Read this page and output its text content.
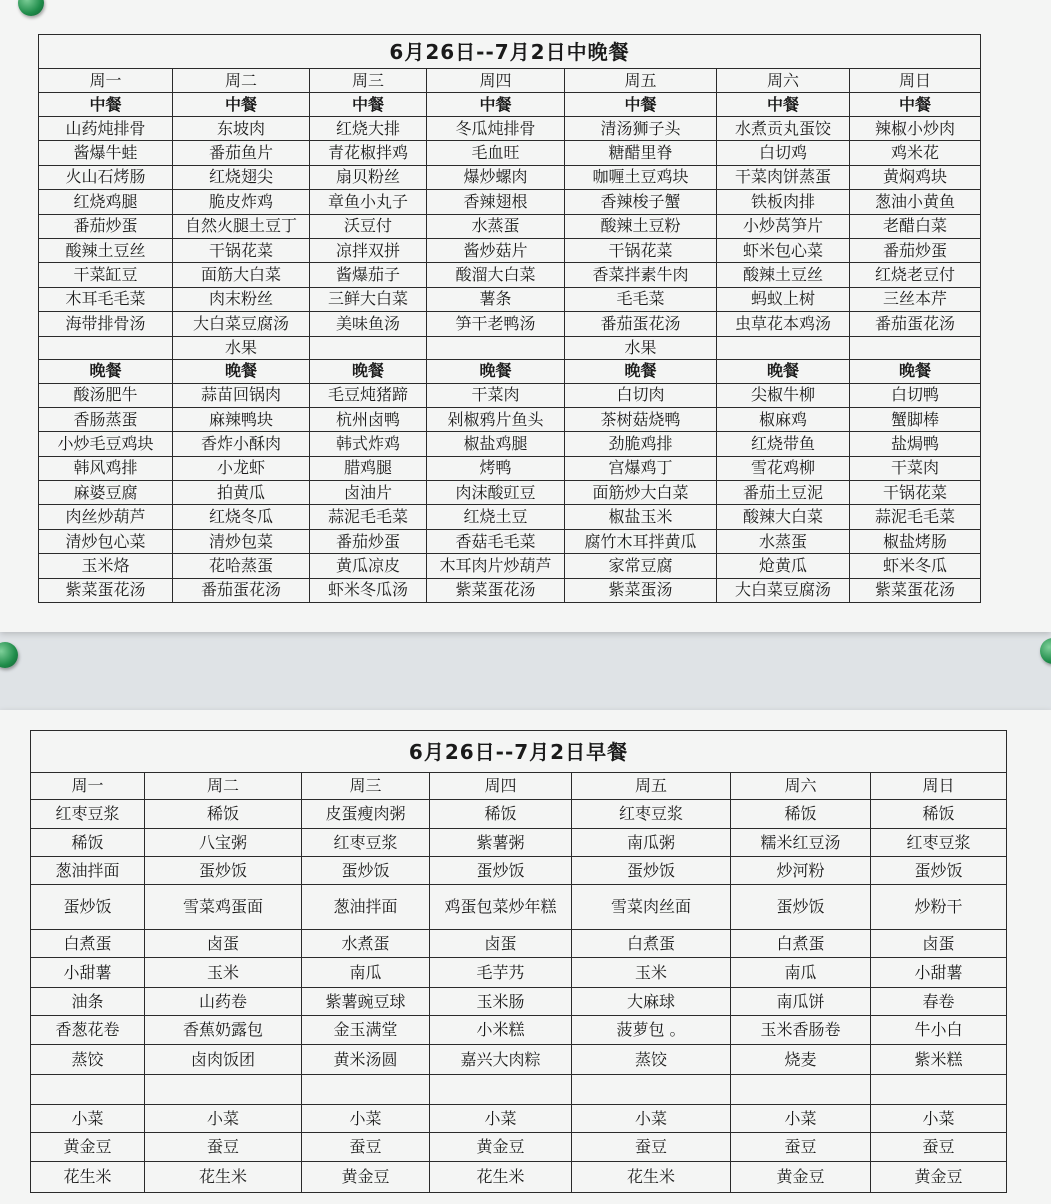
6月26日--7月2日中晚餐						
周一	周二	周三	周四	周五	周六	周日
中餐	中餐	中餐	中餐	中餐	中餐	中餐
山药炖排骨	东坡肉	红烧大排	冬瓜炖排骨	清汤狮子头	水煮贡丸蛋饺	辣椒小炒肉
酱爆牛蛙	番茄鱼片	青花椒拌鸡	毛血旺	糖醋里脊	白切鸡	鸡米花
火山石烤肠	红烧翅尖	扇贝粉丝	爆炒螺肉	咖喱土豆鸡块	干菜肉饼蒸蛋	黄焖鸡块
红烧鸡腿	脆皮炸鸡	章鱼小丸子	香辣翅根	香辣梭子蟹	铁板肉排	葱油小黄鱼
番茄炒蛋	自然火腿土豆丁	沃豆付	水蒸蛋	酸辣土豆粉	小炒莴笋片	老醋白菜
酸辣土豆丝	干锅花菜	凉拌双拼	酱炒菇片	干锅花菜	虾米包心菜	番茄炒蛋
干菜缸豆	面筋大白菜	酱爆茄子	酸溜大白菜	香菜拌素牛肉	酸辣土豆丝	红烧老豆付
木耳毛毛菜	肉末粉丝	三鲜大白菜	薯条	毛毛菜	蚂蚁上树	三丝本芹
海带排骨汤	大白菜豆腐汤	美味鱼汤	笋干老鸭汤	番茄蛋花汤	虫草花本鸡汤	番茄蛋花汤
	水果			水果		
晚餐	晚餐	晚餐	晚餐	晚餐	晚餐	晚餐
酸汤肥牛	蒜苗回锅肉	毛豆炖猪蹄	干菜肉	白切肉	尖椒牛柳	白切鸭
香肠蒸蛋	麻辣鸭块	杭州卤鸭	剁椒鸦片鱼头	茶树菇烧鸭	椒麻鸡	蟹脚棒
小炒毛豆鸡块	香炸小酥肉	韩式炸鸡	椒盐鸡腿	劲脆鸡排	红烧带鱼	盐焗鸭
韩风鸡排	小龙虾	腊鸡腿	烤鸭	宫爆鸡丁	雪花鸡柳	干菜肉
麻婆豆腐	拍黄瓜	卤油片	肉沫酸豇豆	面筋炒大白菜	番茄土豆泥	干锅花菜
肉丝炒葫芦	红烧冬瓜	蒜泥毛毛菜	红烧土豆	椒盐玉米	酸辣大白菜	蒜泥毛毛菜
清炒包心菜	清炒包菜	番茄炒蛋	香菇毛毛菜	腐竹木耳拌黄瓜	水蒸蛋	椒盐烤肠
玉米烙	花哈蒸蛋	黄瓜凉皮	木耳肉片炒葫芦	家常豆腐	炝黄瓜	虾米冬瓜
紫菜蛋花汤	番茄蛋花汤	虾米冬瓜汤	紫菜蛋花汤	紫菜蛋汤	大白菜豆腐汤	紫菜蛋花汤
6月26日--7月2日早餐						
周一	周二	周三	周四	周五	周六	周日
红枣豆浆	稀饭	皮蛋瘦肉粥	稀饭	红枣豆浆	稀饭	稀饭
稀饭	八宝粥	红枣豆浆	紫薯粥	南瓜粥	糯米红豆汤	红枣豆浆
葱油拌面	蛋炒饭	蛋炒饭	蛋炒饭	蛋炒饭	炒河粉	蛋炒饭
蛋炒饭	雪菜鸡蛋面	葱油拌面	鸡蛋包菜炒年糕	雪菜肉丝面	蛋炒饭	炒粉干
白煮蛋	卤蛋	水煮蛋	卤蛋	白煮蛋	白煮蛋	卤蛋
小甜薯	玉米	南瓜	毛芋艿	玉米	南瓜	小甜薯
油条	山药卷	紫薯豌豆球	玉米肠	大麻球	南瓜饼	春卷
香葱花卷	香蕉奶露包	金玉满堂	小米糕	菠萝包 。	玉米香肠卷	牛小白
蒸饺	卤肉饭团	黄米汤圆	嘉兴大肉粽	蒸饺	烧麦	紫米糕

小菜	小菜	小菜	小菜	小菜	小菜	小菜
黄金豆	蚕豆	蚕豆	黄金豆	蚕豆	蚕豆	蚕豆
花生米	花生米	黄金豆	花生米	花生米	黄金豆	黄金豆
